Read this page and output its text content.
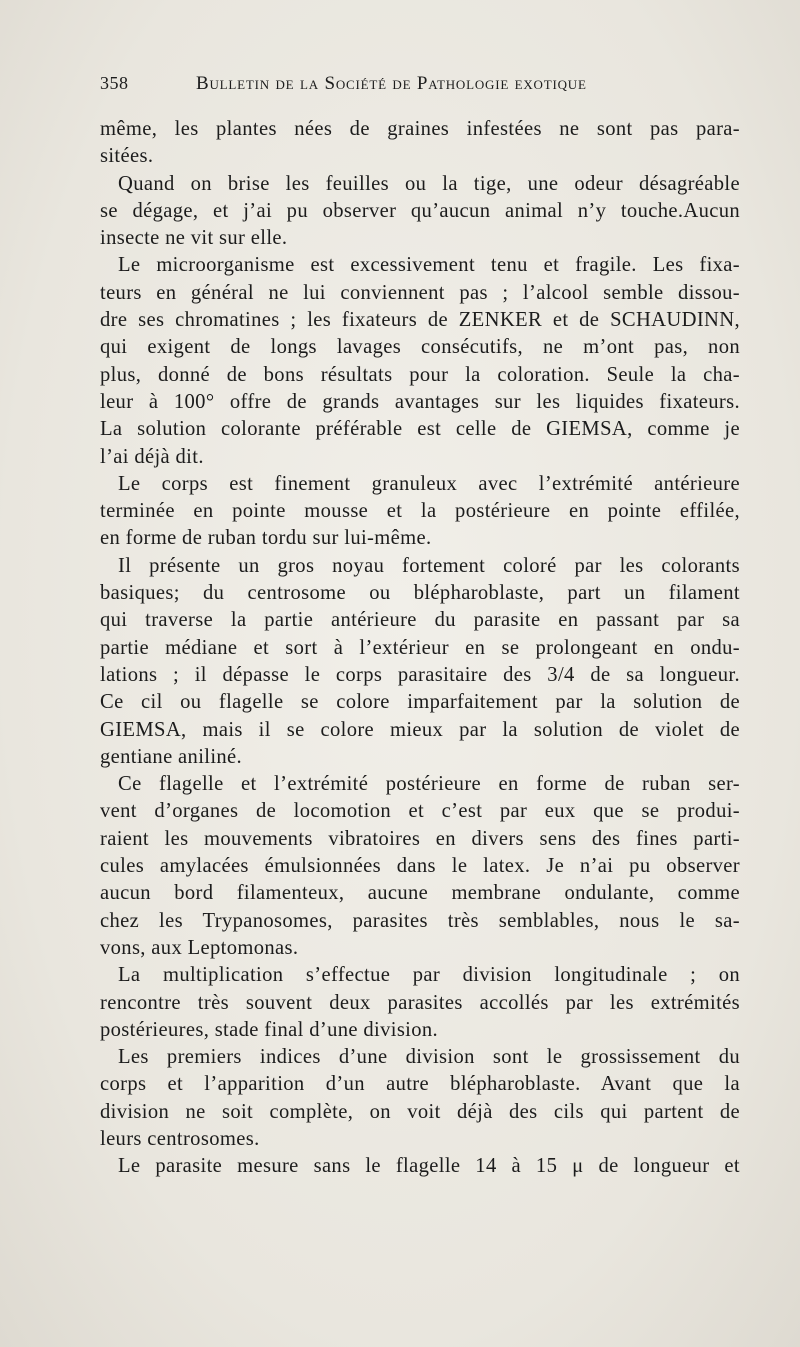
358	Bulletin de la Société de Pathologie exotique
même, les plantes nées de graines infestées ne sont pas para-
sitées.
Quand on brise les feuilles ou la tige, une odeur désagréable
se dégage, et j’ai pu observer qu’aucun animal n’y touche.Aucun
insecte ne vit sur elle.
Le microorganisme est excessivement tenu et fragile. Les fixa-
teurs en général ne lui conviennent pas ; l’alcool semble dissou-
dre ses chromatines ; les fixateurs de ZENKER et de SCHAUDINN,
qui exigent de longs lavages consécutifs, ne m’ont pas, non
plus, donné de bons résultats pour la coloration. Seule la cha-
leur à 100° offre de grands avantages sur les liquides fixateurs.
La solution colorante préférable est celle de GIEMSA, comme je
l’ai déjà dit.
Le corps est finement granuleux avec l’extrémité antérieure
terminée en pointe mousse et la postérieure en pointe effilée,
en forme de ruban tordu sur lui-même.
Il présente un gros noyau fortement coloré par les colorants
basiques; du centrosome ou blépharoblaste, part un filament
qui traverse la partie antérieure du parasite en passant par sa
partie médiane et sort à l’extérieur en se prolongeant en ondu-
lations ; il dépasse le corps parasitaire des 3/4 de sa longueur.
Ce cil ou flagelle se colore imparfaitement par la solution de
GIEMSA, mais il se colore mieux par la solution de violet de
gentiane aniliné.
Ce flagelle et l’extrémité postérieure en forme de ruban ser-
vent d’organes de locomotion et c’est par eux que se produi-
raient les mouvements vibratoires en divers sens des fines parti-
cules amylacées émulsionnées dans le latex. Je n’ai pu observer
aucun bord filamenteux, aucune membrane ondulante, comme
chez les Trypanosomes, parasites très semblables, nous le sa-
vons, aux Leptomonas.
La multiplication s’effectue par division longitudinale ; on
rencontre très souvent deux parasites accollés par les extrémités
postérieures, stade final d’une division.
Les premiers indices d’une division sont le grossissement du
corps et l’apparition d’un autre blépharoblaste. Avant que la
division ne soit complète, on voit déjà des cils qui partent de
leurs centrosomes.
Le parasite mesure sans le flagelle 14 à 15 μ de longueur et
